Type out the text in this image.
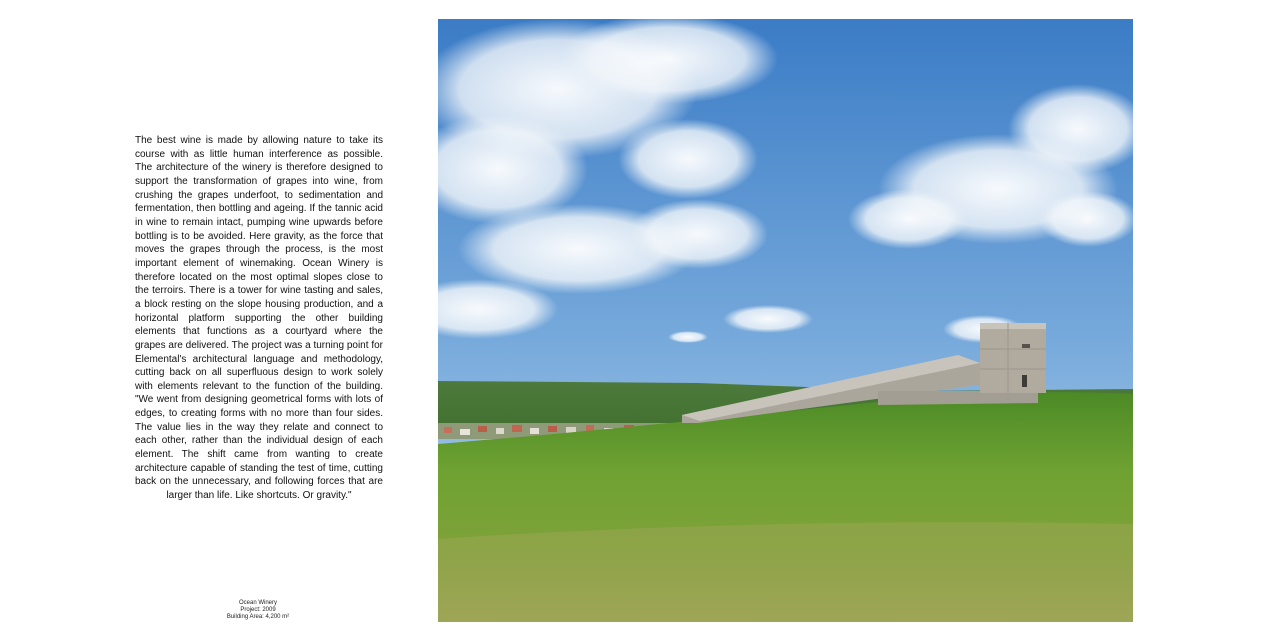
The best wine is made by allowing nature to take its course with as little human interference as possible. The architecture of the winery is therefore designed to support the transformation of grapes into wine, from crushing the grapes underfoot, to sedimentation and fermentation, then bottling and ageing. If the tannic acid in wine to remain intact, pumping wine upwards before bottling is to be avoided. Here gravity, as the force that moves the grapes through the process, is the most important element of winemaking. Ocean Winery is therefore located on the most optimal slopes close to the terroirs. There is a tower for wine tasting and sales, a block resting on the slope housing production, and a horizontal platform supporting the other building elements that functions as a courtyard where the grapes are delivered. The project was a turning point for Elemental's architectural language and methodology, cutting back on all superfluous design to work solely with elements relevant to the function of the building. "We went from designing geometrical forms with lots of edges, to creating forms with no more than four sides. The value lies in the way they relate and connect to each other, rather than the individual design of each element. The shift came from wanting to create architecture capable of standing the test of time, cutting back on the unnecessary, and following forces that are larger than life. Like shortcuts. Or gravity."

Ocean Winery
Project: 2009
Building Area: 4,200 m²
